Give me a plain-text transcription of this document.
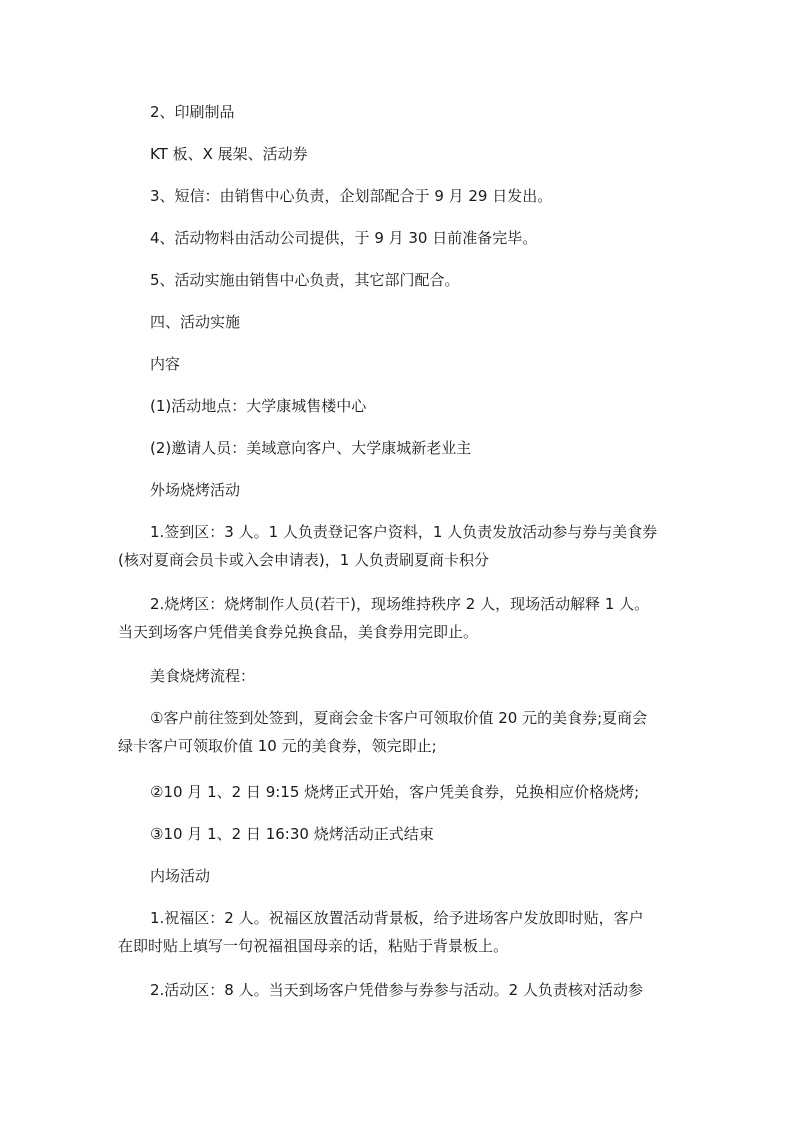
2、印刷制品

KT 板、X 展架、活动券

3、短信：由销售中心负责，企划部配合于 9 月 29 日发出。

4、活动物料由活动公司提供，于 9 月 30 日前准备完毕。

5、活动实施由销售中心负责，其它部门配合。

四、活动实施

内容

(1)活动地点：大学康城售楼中心

(2)邀请人员：美域意向客户、大学康城新老业主

外场烧烤活动

1.签到区：3 人。1 人负责登记客户资料，1 人负责发放活动参与券与美食券
(核对夏商会员卡或入会申请表)，1 人负责刷夏商卡积分
2.烧烤区：烧烤制作人员(若干)，现场维持秩序 2 人，现场活动解释 1 人。
当天到场客户凭借美食券兑换食品，美食券用完即止。

美食烧烤流程：

①客户前往签到处签到，夏商会金卡客户可领取价值 20 元的美食券;夏商会
绿卡客户可领取价值 10 元的美食券，领完即止;

②10 月 1、2 日 9:15 烧烤正式开始，客户凭美食券，兑换相应价格烧烤;

③10 月 1、2 日 16:30 烧烤活动正式结束

内场活动

1.祝福区：2 人。祝福区放置活动背景板，给予进场客户发放即时贴，客户
在即时贴上填写一句祝福祖国母亲的话，粘贴于背景板上。
2.活动区：8 人。当天到场客户凭借参与券参与活动。2 人负责核对活动参
